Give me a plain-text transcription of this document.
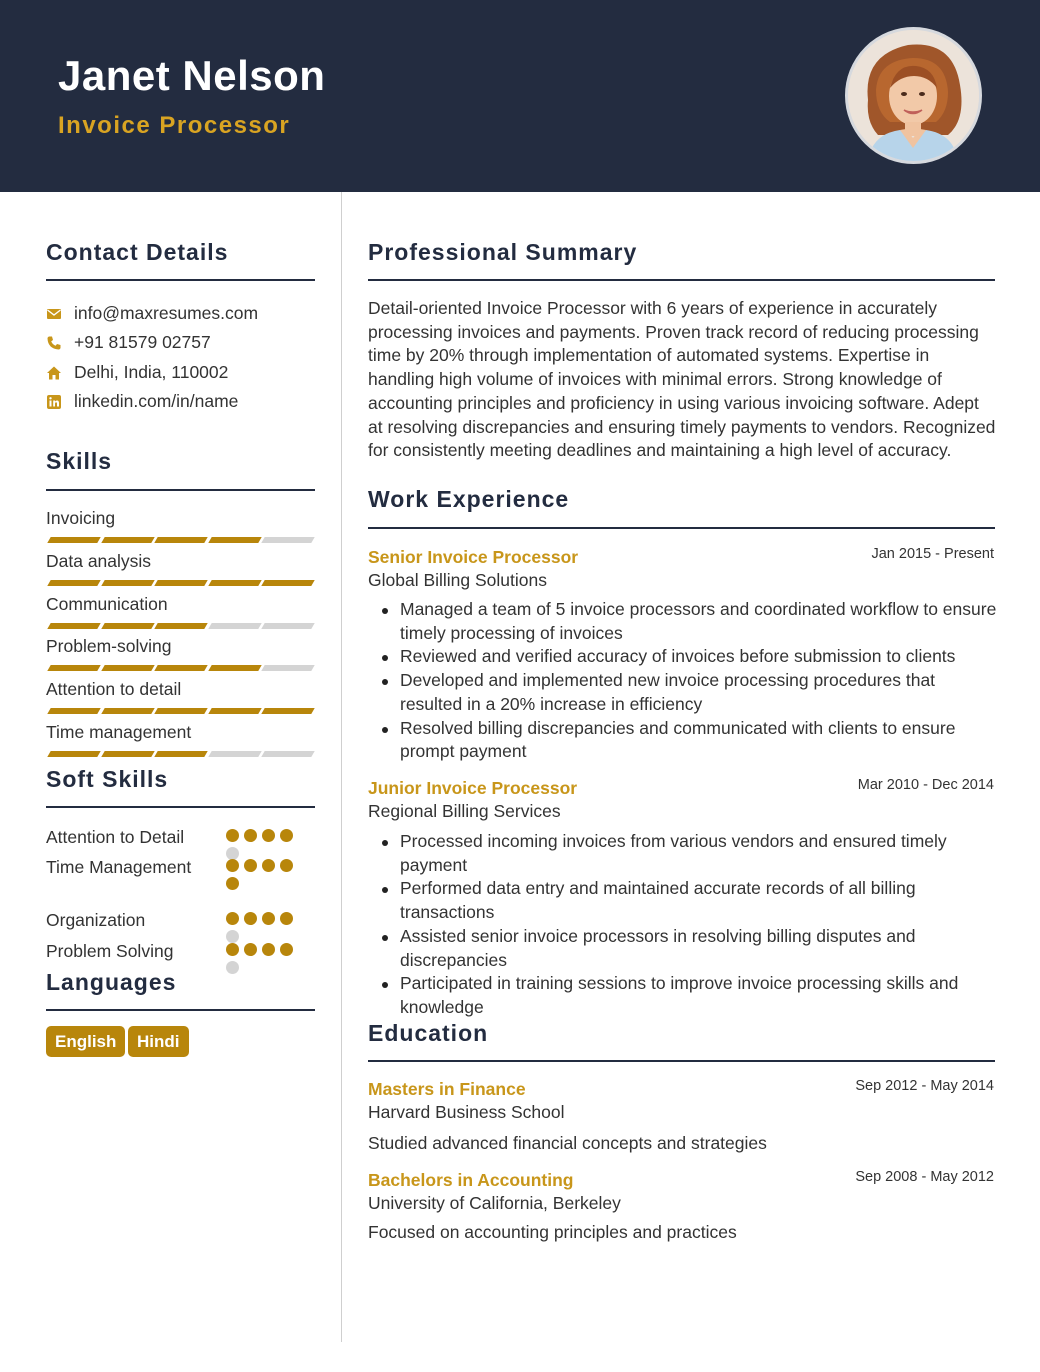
Janet Nelson
Invoice Processor
Contact Details
info@maxresumes.com
+91 81579 02757
Delhi, India, 110002
linkedin.com/in/name
Skills
Invoicing
Data analysis
Communication
Problem-solving
Attention to detail
Time management
Soft Skills
Attention to Detail
Time Management
Organization
Problem Solving
Languages
English	Hindi
Professional Summary
Detail-oriented Invoice Processor with 6 years of experience in accurately processing invoices and payments. Proven track record of reducing processing time by 20% through implementation of automated systems. Expertise in handling high volume of invoices with minimal errors. Strong knowledge of accounting principles and proficiency in using various invoicing software. Adept at resolving discrepancies and ensuring timely payments to vendors. Recognized for consistently meeting deadlines and maintaining a high level of accuracy.
Work Experience
Senior Invoice Processor	Jan 2015 - Present
Global Billing Solutions
Managed a team of 5 invoice processors and coordinated workflow to ensure timely processing of invoices
Reviewed and verified accuracy of invoices before submission to clients
Developed and implemented new invoice processing procedures that resulted in a 20% increase in efficiency
Resolved billing discrepancies and communicated with clients to ensure prompt payment
Junior Invoice Processor	Mar 2010 - Dec 2014
Regional Billing Services
Processed incoming invoices from various vendors and ensured timely payment
Performed data entry and maintained accurate records of all billing transactions
Assisted senior invoice processors in resolving billing disputes and discrepancies
Participated in training sessions to improve invoice processing skills and knowledge
Education
Masters in Finance	Sep 2012 - May 2014
Harvard Business School
Studied advanced financial concepts and strategies
Bachelors in Accounting	Sep 2008 - May 2012
University of California, Berkeley
Focused on accounting principles and practices
